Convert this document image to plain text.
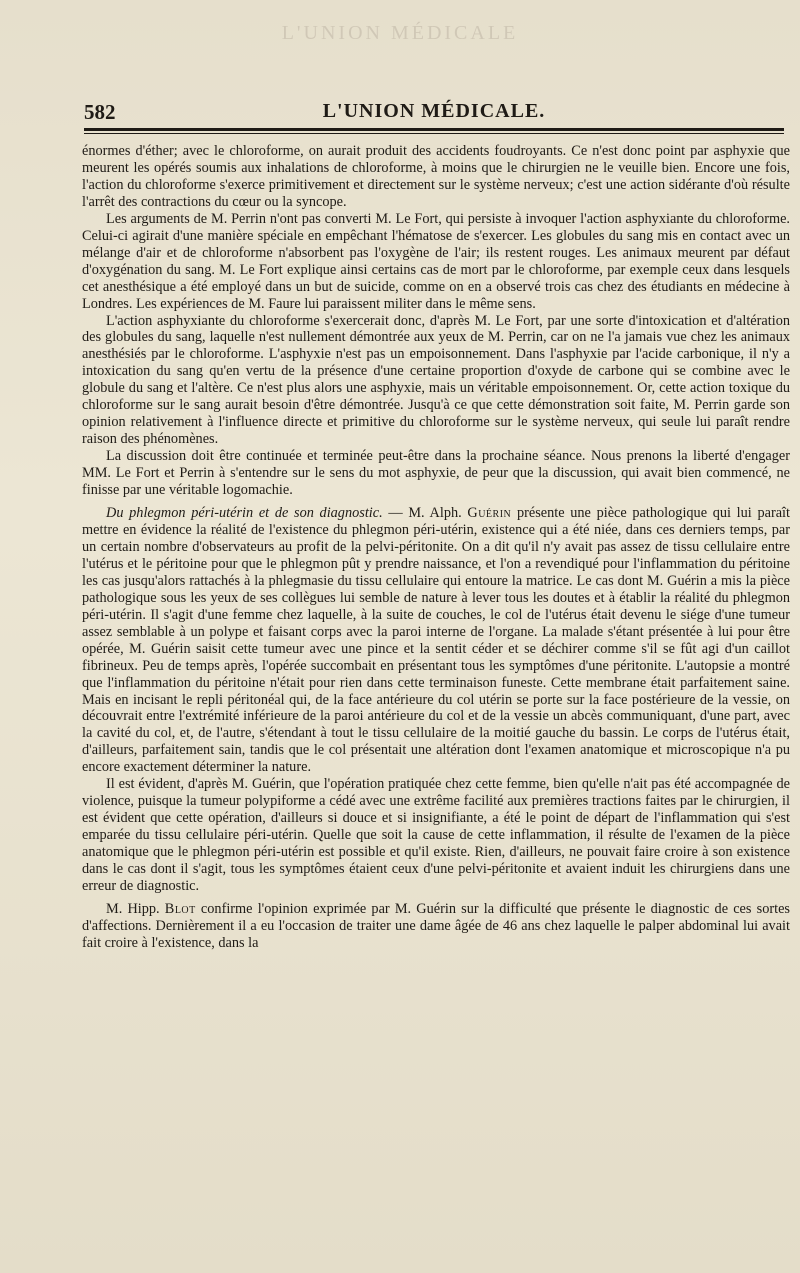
L'UNION MÉDICALE
582	L'UNION MÉDICALE.

énormes d'éther; avec le chloroforme, on aurait produit des accidents foudroyants. Ce n'est donc point par asphyxie que meurent les opérés soumis aux inhalations de chloroforme, à moins que le chirurgien ne le veuille bien. Encore une fois, l'action du chloroforme s'exerce primitivement et directement sur le système nerveux; c'est une action sidérante d'où résulte l'arrêt des contractions du cœur ou la syncope.

Les arguments de M. Perrin n'ont pas converti M. Le Fort, qui persiste à invoquer l'action asphyxiante du chloroforme. Celui-ci agirait d'une manière spéciale en empêchant l'hématose de s'exercer. Les globules du sang mis en contact avec un mélange d'air et de chloroforme n'absorbent pas l'oxygène de l'air; ils restent rouges. Les animaux meurent par défaut d'oxygénation du sang. M. Le Fort explique ainsi certains cas de mort par le chloroforme, par exemple ceux dans lesquels cet anesthésique a été employé dans un but de suicide, comme on en a observé trois cas chez des étudiants en médecine à Londres. Les expériences de M. Faure lui paraissent militer dans le même sens.

L'action asphyxiante du chloroforme s'exercerait donc, d'après M. Le Fort, par une sorte d'intoxication et d'altération des globules du sang, laquelle n'est nullement démontrée aux yeux de M. Perrin, car on ne l'a jamais vue chez les animaux anesthésiés par le chloroforme. L'asphyxie n'est pas un empoisonnement. Dans l'asphyxie par l'acide carbonique, il n'y a intoxication du sang qu'en vertu de la présence d'une certaine proportion d'oxyde de carbone qui se combine avec le globule du sang et l'altère. Ce n'est plus alors une asphyxie, mais un véritable empoisonnement. Or, cette action toxique du chloroforme sur le sang aurait besoin d'être démontrée. Jusqu'à ce que cette démonstration soit faite, M. Perrin garde son opinion relativement à l'influence directe et primitive du chloroforme sur le système nerveux, qui seule lui paraît rendre raison des phénomènes.

La discussion doit être continuée et terminée peut-être dans la prochaine séance. Nous prenons la liberté d'engager MM. Le Fort et Perrin à s'entendre sur le sens du mot asphyxie, de peur que la discussion, qui avait bien commencé, ne finisse par une véritable logomachie.

Du phlegmon péri-utérin et de son diagnostic. — M. Alph. Guérin présente une pièce pathologique qui lui paraît mettre en évidence la réalité de l'existence du phlegmon péri-utérin, existence qui a été niée, dans ces derniers temps, par un certain nombre d'observateurs au profit de la pelvi-péritonite. On a dit qu'il n'y avait pas assez de tissu cellulaire entre l'utérus et le péritoine pour que le phlegmon pût y prendre naissance, et l'on a revendiqué pour l'inflammation du péritoine les cas jusqu'alors rattachés à la phlegmasie du tissu cellulaire qui entoure la matrice. Le cas dont M. Guérin a mis la pièce pathologique sous les yeux de ses collègues lui semble de nature à lever tous les doutes et à établir la réalité du phlegmon péri-utérin. Il s'agit d'une femme chez laquelle, à la suite de couches, le col de l'utérus était devenu le siége d'une tumeur assez semblable à un polype et faisant corps avec la paroi interne de l'organe. La malade s'étant présentée à lui pour être opérée, M. Guérin saisit cette tumeur avec une pince et la sentit céder et se déchirer comme s'il se fût agi d'un caillot fibrineux. Peu de temps après, l'opérée succombait en présentant tous les symptômes d'une péritonite. L'autopsie a montré que l'inflammation du péritoine n'était pour rien dans cette terminaison funeste. Cette membrane était parfaitement saine. Mais en incisant le repli péritonéal qui, de la face antérieure du col utérin se porte sur la face postérieure de la vessie, on découvrait entre l'extrémité inférieure de la paroi antérieure du col et de la vessie un abcès communiquant, d'une part, avec la cavité du col, et, de l'autre, s'étendant à tout le tissu cellulaire de la moitié gauche du bassin. Le corps de l'utérus était, d'ailleurs, parfaitement sain, tandis que le col présentait une altération dont l'examen anatomique et microscopique n'a pu encore exactement déterminer la nature.

Il est évident, d'après M. Guérin, que l'opération pratiquée chez cette femme, bien qu'elle n'ait pas été accompagnée de violence, puisque la tumeur polypiforme a cédé avec une extrême facilité aux premières tractions faites par le chirurgien, il est évident que cette opération, d'ailleurs si douce et si insignifiante, a été le point de départ de l'inflammation qui s'est emparée du tissu cellulaire péri-utérin. Quelle que soit la cause de cette inflammation, il résulte de l'examen de la pièce anatomique que le phlegmon péri-utérin est possible et qu'il existe. Rien, d'ailleurs, ne pouvait faire croire à son existence dans le cas dont il s'agit, tous les symptômes étaient ceux d'une pelvi-péritonite et avaient induit les chirurgiens dans une erreur de diagnostic.

M. Hipp. Blot confirme l'opinion exprimée par M. Guérin sur la difficulté que présente le diagnostic de ces sortes d'affections. Dernièrement il a eu l'occasion de traiter une dame âgée de 46 ans chez laquelle le palper abdominal lui avait fait croire à l'existence, dans la
